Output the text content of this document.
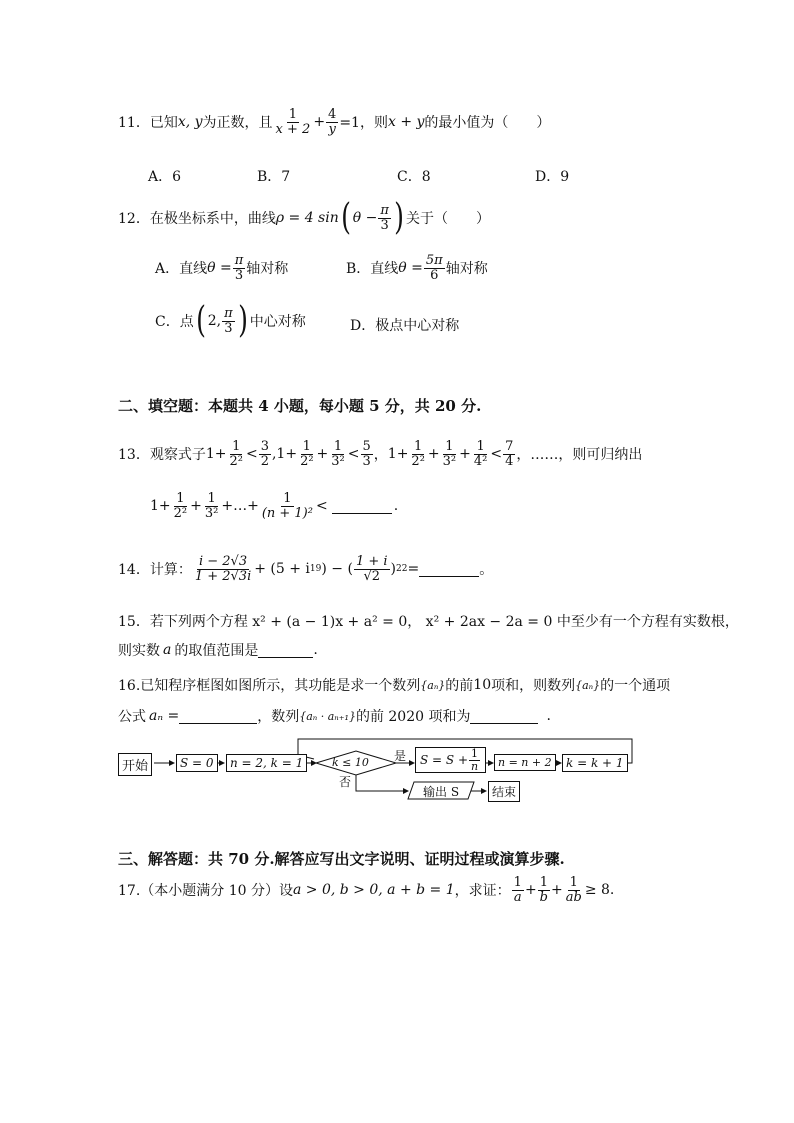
11．已知 x, y 为正数，且 $\frac{1}{x + 2} + \frac{4}{y} =1$，则 x + y 的最小值为（　　）
A．6	B．7	C．8	D．9
12．在极坐标系中，曲线 ρ = 4 sin ( $\theta - \frac{\pi}{3}$ ) 关于（　　）
A．直线 $\theta = \frac{\pi}{3}$ 轴对称	B．直线 $\theta = \frac{5\pi}{6}$ 轴对称
C．点 ( 2, $\frac{\pi}{3}$ ) 中心对称	D．极点中心对称
二、填空题：本题共 4 小题，每小题 5 分，共 20 分.
13．观察式子 $1+ \frac{1}{\text{2²}} < \frac{3}{2}$ , $1+ \frac{1}{\text{2²}} + \frac{1}{\text{3²}} < \frac{5}{3}$ ， $1+ \frac{1}{\text{2²}} + \frac{1}{\text{3²}} + \frac{1}{\text{4²}} < \frac{7}{4}$ ，……，则可归纳出
$1+ \frac{1}{\text{2²}} + \frac{1}{\text{3²}}$ + … + $\frac{1}{\text{(n + 1)²}}$ <	.
14．计算： $\frac{i - 2√3}{1 + 2√3i} + (5 + i$ 19 ) − ( $\frac{1 + i}{√2}$ ) 22 =	。
15．若下列两个方程 x² + (a − 1)x + a² = 0， x² + 2ax − 2a = 0 中至少有一个方程有实数根，
则实数 a 的取值范围是	.
16.已知程序框图如图所示，其功能是求一个数列 {aₙ} 的前 10 项和，则数列 {aₙ} 的一个通项
公式 aₙ =	，数列 {aₙ · aₙ₊₁} 的前 2020 项和为	.
开始	S = 0	n = 2, k = 1	k ≤ 10 是
否
$S = S + \frac{1}{n}$	n = n + 2	k = k + 1
输出 S	结束
三、解答题：共 70 分.解答应写出文字说明、证明过程或演算步骤.
17.（本小题满分 10 分）设 a > 0, b > 0, a + b = 1 ，求证： $\frac{1}{a} + \frac{1}{b} + \frac{1}{ab} \ge 8$ .
